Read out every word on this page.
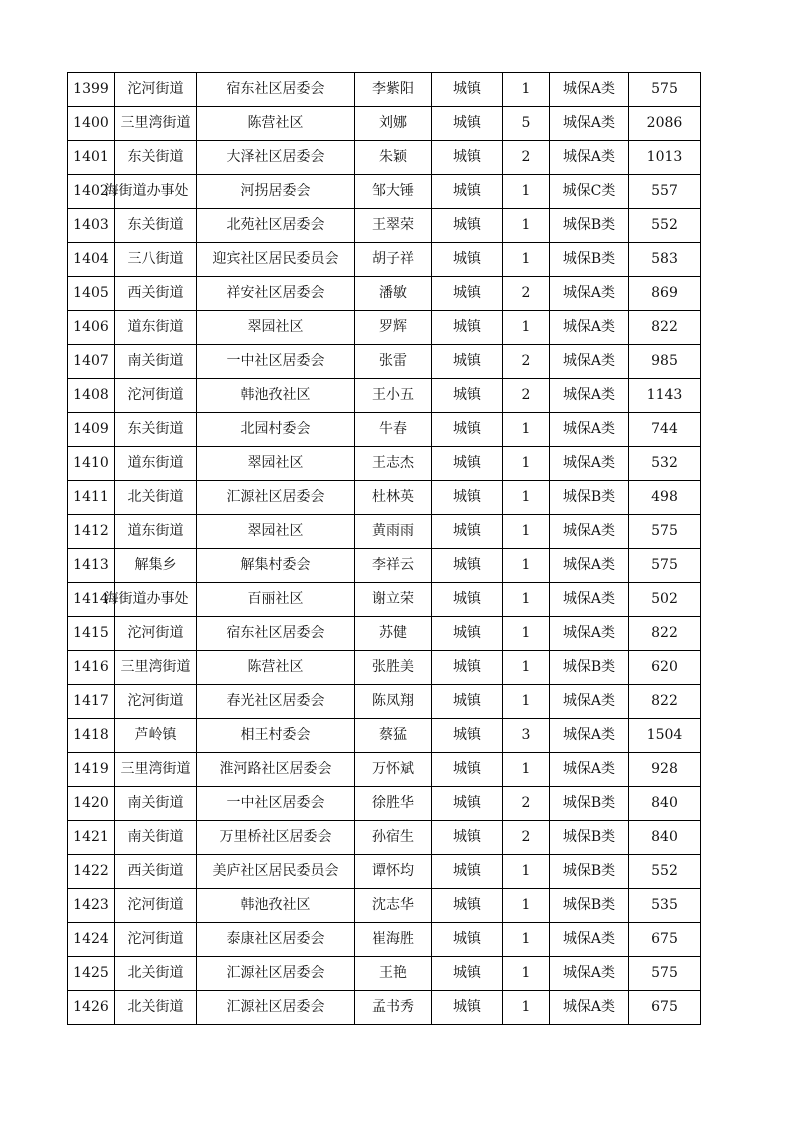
1399	沱河街道	宿东社区居委会	李紫阳	城镇	1	城保A类	575
1400	三里湾街道	陈营社区	刘娜	城镇	5	城保A类	2086
1401	东关街道	大泽社区居委会	朱颖	城镇	2	城保A类	1013
1402	海街道办事处	河拐居委会	邹大锤	城镇	1	城保C类	557
1403	东关街道	北苑社区居委会	王翠荣	城镇	1	城保B类	552
1404	三八街道	迎宾社区居民委员会	胡子祥	城镇	1	城保B类	583
1405	西关街道	祥安社区居委会	潘敏	城镇	2	城保A类	869
1406	道东街道	翠园社区	罗辉	城镇	1	城保A类	822
1407	南关街道	一中社区居委会	张雷	城镇	2	城保A类	985
1408	沱河街道	韩池孜社区	王小五	城镇	2	城保A类	1143
1409	东关街道	北园村委会	牛春	城镇	1	城保A类	744
1410	道东街道	翠园社区	王志杰	城镇	1	城保A类	532
1411	北关街道	汇源社区居委会	杜林英	城镇	1	城保B类	498
1412	道东街道	翠园社区	黄雨雨	城镇	1	城保A类	575
1413	解集乡	解集村委会	李祥云	城镇	1	城保A类	575
1414	海街道办事处	百丽社区	谢立荣	城镇	1	城保A类	502
1415	沱河街道	宿东社区居委会	苏健	城镇	1	城保A类	822
1416	三里湾街道	陈营社区	张胜美	城镇	1	城保B类	620
1417	沱河街道	春光社区居委会	陈凤翔	城镇	1	城保A类	822
1418	芦岭镇	相王村委会	蔡猛	城镇	3	城保A类	1504
1419	三里湾街道	淮河路社区居委会	万怀斌	城镇	1	城保A类	928
1420	南关街道	一中社区居委会	徐胜华	城镇	2	城保B类	840
1421	南关街道	万里桥社区居委会	孙宿生	城镇	2	城保B类	840
1422	西关街道	美庐社区居民委员会	谭怀均	城镇	1	城保B类	552
1423	沱河街道	韩池孜社区	沈志华	城镇	1	城保B类	535
1424	沱河街道	泰康社区居委会	崔海胜	城镇	1	城保A类	675
1425	北关街道	汇源社区居委会	王艳	城镇	1	城保A类	575
1426	北关街道	汇源社区居委会	孟书秀	城镇	1	城保A类	675
